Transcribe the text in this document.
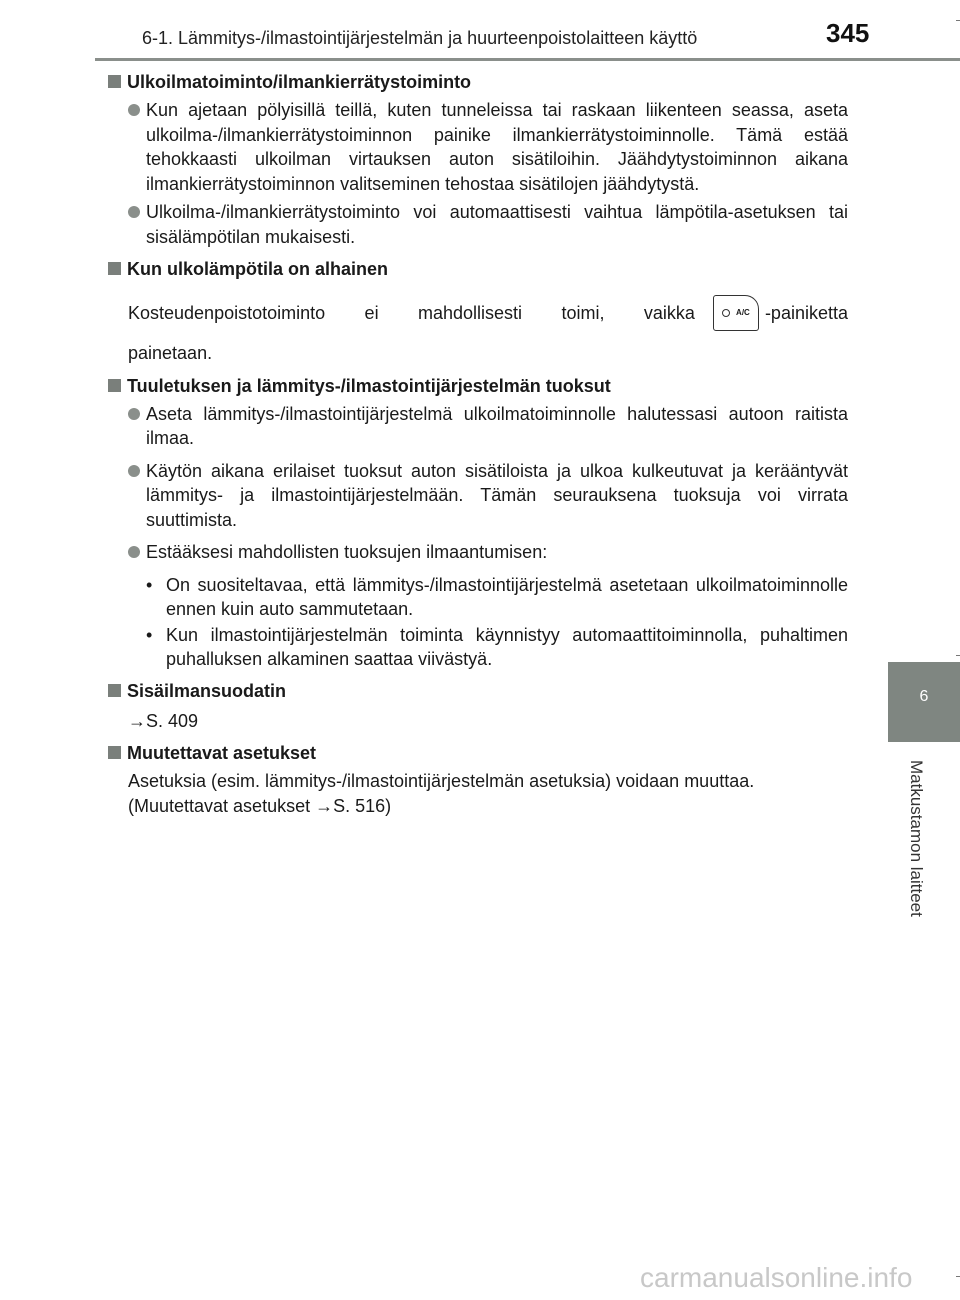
6-1. Lämmitys-/ilmastointijärjestelmän ja huurteenpoistolaitteen käyttö	345
6
Matkustamon laitteet
Ulkoilmatoiminto/ilmankierrätystoiminto
Kun ajetaan pölyisillä teillä, kuten tunneleissa tai raskaan liikenteen seassa, aseta ulkoilma-/ilmankierrätystoiminnon painike ilmankierrätystoiminnolle. Tämä estää tehokkaasti ulkoilman virtauksen auton sisätiloihin. Jäähdytystoiminnon aikana ilmankierrätystoiminnon valitseminen tehostaa sisätilojen jäähdytystä.
Ulkoilma-/ilmankierrätystoiminto voi automaattisesti vaihtua lämpötila-asetuksen tai sisälämpötilan mukaisesti.
Kun ulkolämpötila on alhainen
Kosteudenpoistotoiminto ei mahdollisesti toimi, vaikka	A/C -painiketta
painetaan.
Tuuletuksen ja lämmitys-/ilmastointijärjestelmän tuoksut
Aseta lämmitys-/ilmastointijärjestelmä ulkoilmatoiminnolle halutessasi autoon raitista ilmaa.
Käytön aikana erilaiset tuoksut auton sisätiloista ja ulkoa kulkeutuvat ja kerääntyvät lämmitys- ja ilmastointijärjestelmään. Tämän seurauksena tuoksuja voi virrata suuttimista.
Estääksesi mahdollisten tuoksujen ilmaantumisen:
• On suositeltavaa, että lämmitys-/ilmastointijärjestelmä asetetaan ulkoilmatoiminnolle ennen kuin auto sammutetaan.
• Kun ilmastointijärjestelmän toiminta käynnistyy automaattitoiminnolla, puhaltimen puhalluksen alkaminen saattaa viivästyä.
Sisäilmansuodatin
→S. 409
Muutettavat asetukset
Asetuksia (esim. lämmitys-/ilmastointijärjestelmän asetuksia) voidaan muuttaa.
(Muutettavat asetukset →S. 516)
carmanualsonline.info
